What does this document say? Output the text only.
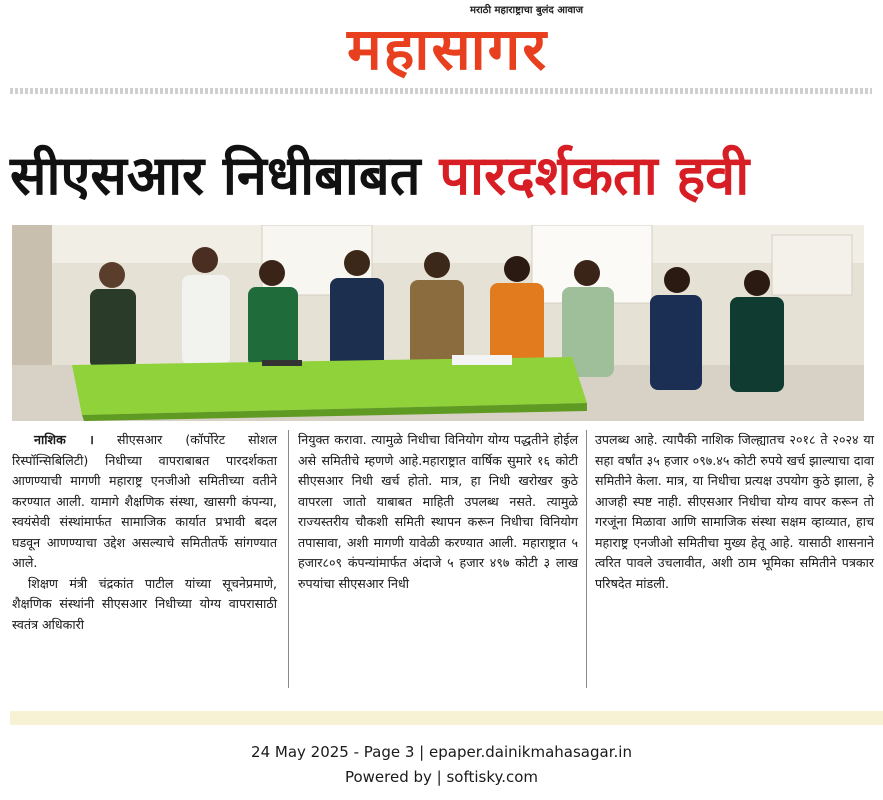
मराठी महाराष्ट्राचा बुलंद आवाज
महासागर
सीएसआर निधीबाबत पारदर्शकता हवी

नाशिक । सीएसआर (कॉर्पोरेट सोशल रिस्पॉन्सिबिलिटी) निधीच्या वापराबाबत पारदर्शकता आणण्याची मागणी महाराष्ट्र एनजीओ समितीच्या वतीने करण्यात आली. यामागे शैक्षणिक संस्था, खासगी कंपन्या, स्वयंसेवी संस्थांमार्फत सामाजिक कार्यात प्रभावी बदल घडवून आणण्याचा उद्देश असल्याचे समितीतर्फे सांगण्यात आले.

शिक्षण मंत्री चंद्रकांत पाटील यांच्या सूचनेप्रमाणे, शैक्षणिक संस्थांनी सीएसआर निधीच्या योग्य वापरासाठी स्वतंत्र अधिकारी

नियुक्त करावा. त्यामुळे निधीचा विनियोग योग्य पद्धतीने होईल असे समितीचे म्हणणे आहे.महाराष्ट्रात वार्षिक सुमारे १६ कोटी सीएसआर निधी खर्च होतो. मात्र, हा निधी खरोखर कुठे वापरला जातो याबाबत माहिती उपलब्ध नसते. त्यामुळे राज्यस्तरीय चौकशी समिती स्थापन करून निधीचा विनियोग तपासावा, अशी मागणी यावेळी करण्यात आली. महाराष्ट्रात ५ हजार८०९ कंपन्यांमार्फत अंदाजे ५ हजार ४९७ कोटी ३ लाख रुपयांचा सीएसआर निधी

उपलब्ध आहे. त्यापैकी नाशिक जिल्ह्यातच २०१८ ते २०२४ या सहा वर्षांत ३५ हजार ०९७.४५ कोटी रुपये खर्च झाल्याचा दावा समितीने केला. मात्र, या निधीचा प्रत्यक्ष उपयोग कुठे झाला, हे आजही स्पष्ट नाही. सीएसआर निधीचा योग्य वापर करून तो गरजूंना मिळावा आणि सामाजिक संस्था सक्षम व्हाव्यात, हाच महाराष्ट्र एनजीओ समितीचा मुख्य हेतू आहे. यासाठी शासनाने त्वरित पावले उचलावीत, अशी ठाम भूमिका समितीने पत्रकार परिषदेत मांडली.

24 May 2025 - Page 3 | epaper.dainikmahasagar.in
Powered by | softisky.com
